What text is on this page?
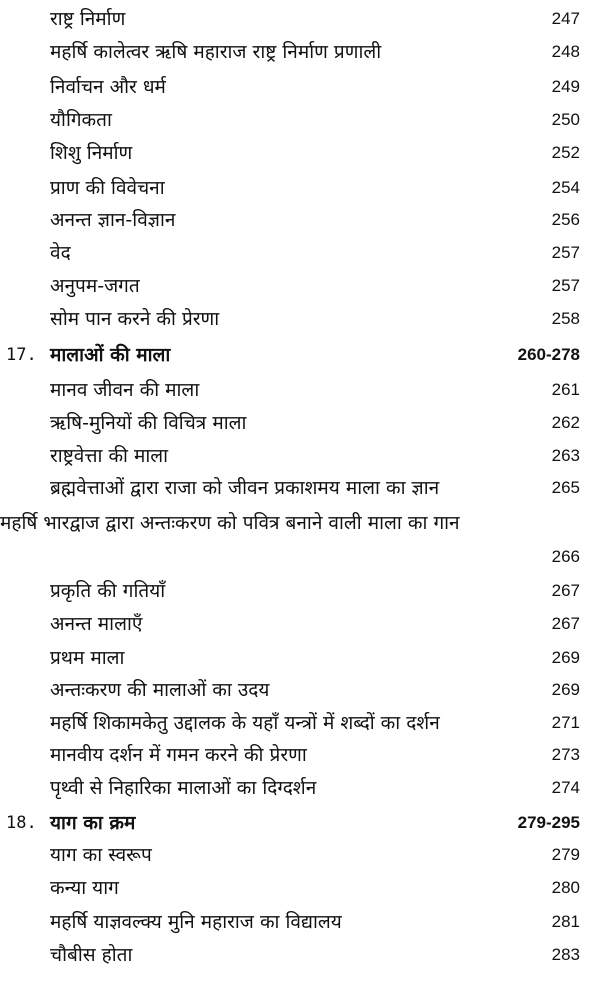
राष्ट्र निर्माण	247
महर्षि कालेत्वर ऋषि महाराज राष्ट्र निर्माण प्रणाली	248
निर्वाचन और धर्म	249
यौगिकता	250
शिशु निर्माण	252
प्राण की विवेचना	254
अनन्त ज्ञान-विज्ञान	256
वेद	257
अनुपम-जगत	257
सोम पान करने की प्रेरणा	258
17. मालाओं की माला	260-278
मानव जीवन की माला	261
ऋषि-मुनियों की विचित्र माला	262
राष्ट्रवेत्ता की माला	263
ब्रह्मवेत्ताओं द्वारा राजा को जीवन प्रकाशमय माला का ज्ञान	265
महर्षि भारद्वाज द्वारा अन्तःकरण को पवित्र बनाने वाली माला का गान
266
प्रकृति की गतियाँ	267
अनन्त मालाएँ	267
प्रथम माला	269
अन्तःकरण की मालाओं का उदय	269
महर्षि शिकामकेतु उद्दालक के यहाँ यन्त्रों में शब्दों का दर्शन	271
मानवीय दर्शन में गमन करने की प्रेरणा	273
पृथ्वी से निहारिका मालाओं का दिग्दर्शन	274
18. याग का क्रम	279-295
याग का स्वरूप	279
कन्या याग	280
महर्षि याज्ञवल्क्य मुनि महाराज का विद्यालय	281
चौबीस होता	283
